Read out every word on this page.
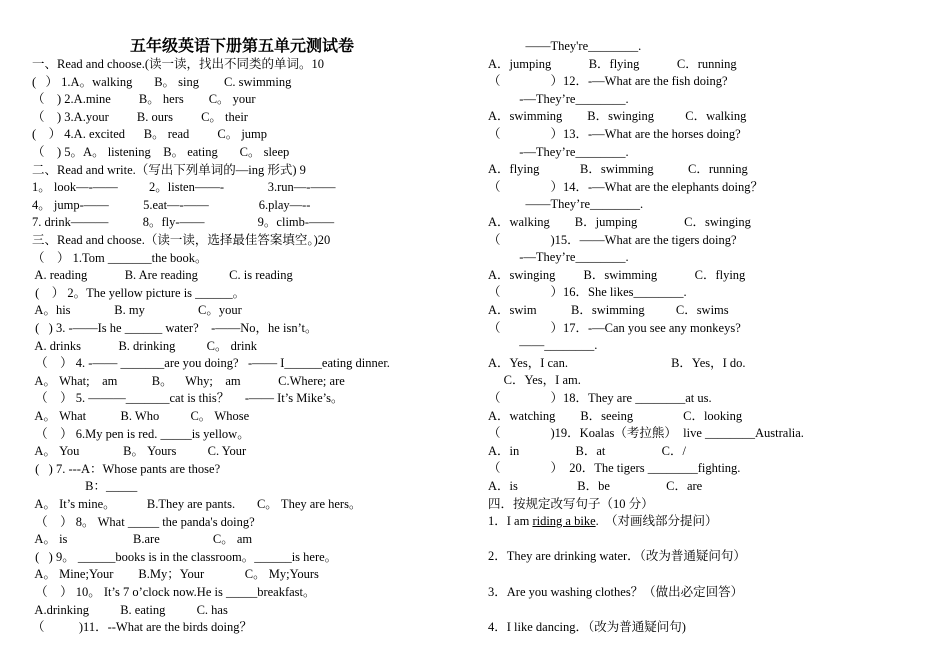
五年级英语下册第五单元测试卷
一、Read and choose.(读一读，找出不同类的单词。10
(   ） 1.A。walking       B。 sing        C. swimming
（    ) 2.A.mine         B。 hers        C。 your
（    ) 3.A.your         B. ours         C。 their
(    ） 4.A. excited      B。 read         C。 jump
（    ) 5。A。 listening    B。 eating       C。 sleep
二、Read and write.（写出下列单词的—ing 形式) 9
1。 look—-——          2。listen——-              3.run—-——
4。 jump-——           5.eat—-——                6.play—--
7. drink———           8。fly-——                 9。climb-——
三、Read and choose.（读一读，选择最佳答案填空。)20
（    ） 1.Tom _______the book。
A. reading            B. Are reading          C. is reading
(    ） 2。The yellow picture is ______。
A。his              B. my                 C。your
(   ) 3. -——Is he ______ water?    -——No，he isn’t。
A. drinks            B. drinking          C。 drink
（    ） 4. -—— _______are you doing?   -—— I______eating dinner.
A。 What;    am           B。    Why;    am            C.Where; are
（    ） 5. ———_______cat is this？     -—— It’s Mike’s。
A。 What           B. Who          C。 Whose
（    ） 6.My pen is red. _____is yellow。
A。 You              B。 Yours          C. Your
(   ) 7. ---A：Whose pants are those?
B：_____
A。 It’s mine。          B.They are pants.       C。 They are hers。
（    ） 8。 What _____ the panda's doing?
A。 is                     B.are                 C。 am
(   ) 9。 ______books is in the classroom。______is here。
A。 Mine;Your        B.My；Your             C。 My;Yours
（    ） 10。 It’s 7 o’clock now.He is _____breakfast。
A.drinking          B. eating          C. has
（           )11．--What are the birds doing？
——They're________.
A．jumping            B．flying            C．running
（                ）12．-—What are the fish doing?
-—They’re________.
A．swimming        B．swinging          C．walking
（                ）13．-—What are the horses doing?
-—They’re________.
A．flying             B．swimming           C．running
（                ）14．-—What are the elephants doing？
——They’re________.
A．walking        B．jumping               C．swinging
（                )15．——What are the tigers doing?
-—They’re________.
A．swinging         B．swimming            C．flying
（                ）16．She likes________.
A．swim           B．swimming          C．swims
（                ）17．-—Can you see any monkeys?
——________.
A．Yes，I can.                                 B．Yes，I do.
C．Yes，I am.
（                ）18．They are ________at us.
A．watching        B．seeing                C．looking
（                )19．Koalas（考拉熊）  live ________Australia.
A．in                  B．at                  C．/
（                ）  20．The tigers ________fighting.
A．is                   B．be                  C．are
四．按规定改写句子（10 分）
2．They are drinking water．（改为普通疑问句）
3．Are you washing clothes？（做出必定回答）
4．I like dancing．（改为普通疑问句)
1．I am riding a bike.  （对画线部分提问）
